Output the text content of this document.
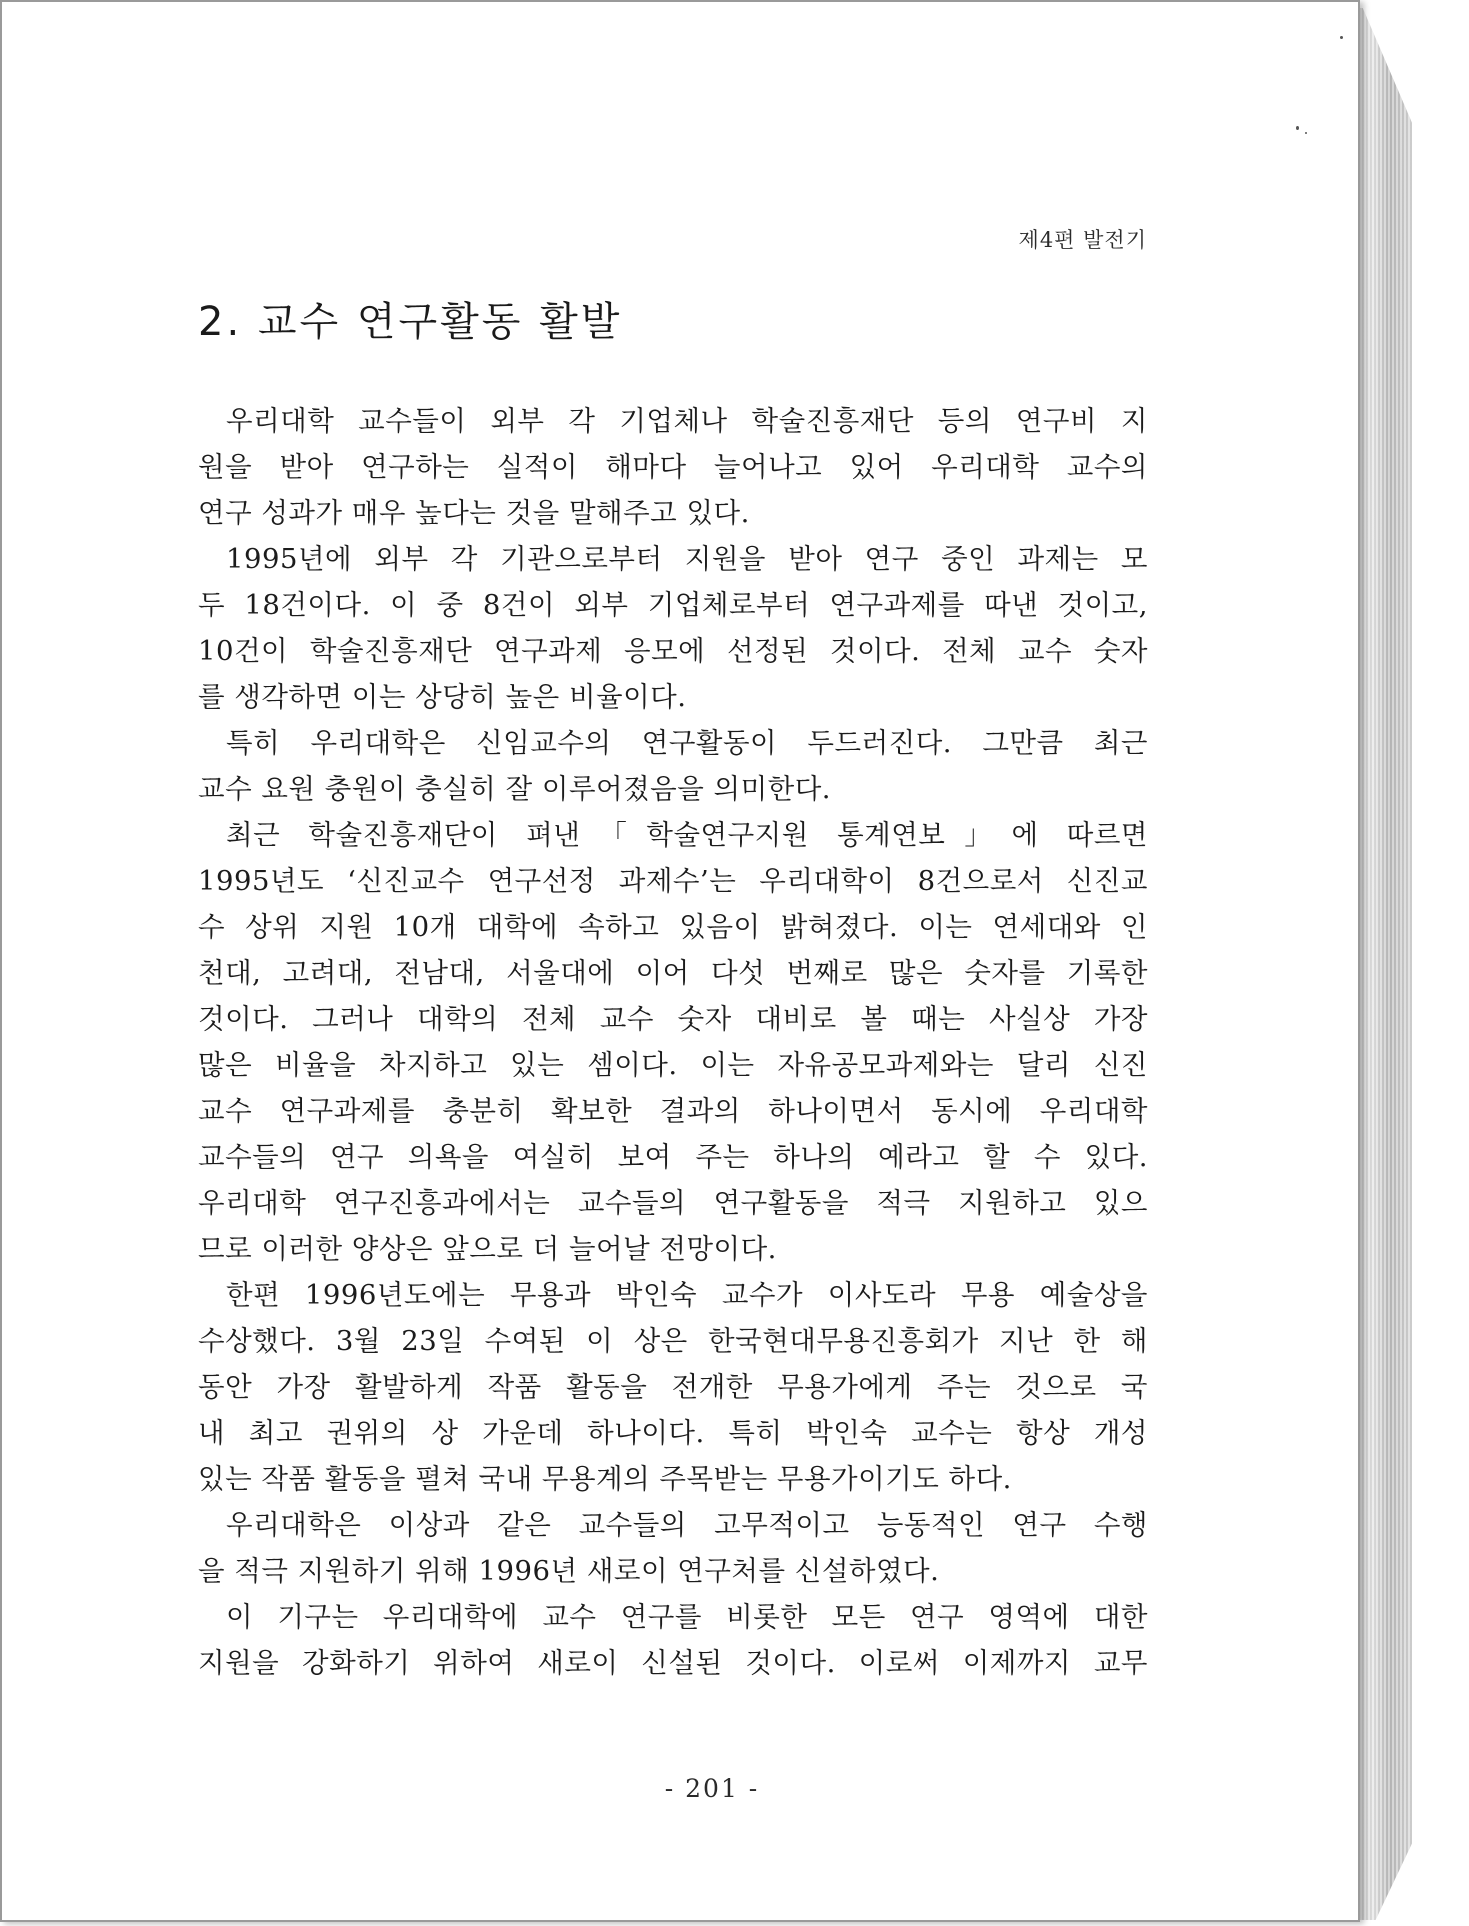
제4편 발전기
2. 교수 연구활동 활발
우리대학 교수들이 외부 각 기업체나 학술진흥재단 등의 연구비 지
원을 받아 연구하는 실적이 해마다 늘어나고 있어 우리대학 교수의
연구 성과가 매우 높다는 것을 말해주고 있다.
1995년에 외부 각 기관으로부터 지원을 받아 연구 중인 과제는 모
두 18건이다. 이 중 8건이 외부 기업체로부터 연구과제를 따낸 것이고,
10건이 학술진흥재단 연구과제 응모에 선정된 것이다. 전체 교수 숫자
를 생각하면 이는 상당히 높은 비율이다.
특히 우리대학은 신임교수의 연구활동이 두드러진다. 그만큼 최근
교수 요원 충원이 충실히 잘 이루어졌음을 의미한다.
최근 학술진흥재단이 펴낸「학술연구지원 통계연보」에 따르면
1995년도 ‘신진교수 연구선정 과제수’는 우리대학이 8건으로서 신진교
수 상위 지원 10개 대학에 속하고 있음이 밝혀졌다. 이는 연세대와 인
천대, 고려대, 전남대, 서울대에 이어 다섯 번째로 많은 숫자를 기록한
것이다. 그러나 대학의 전체 교수 숫자 대비로 볼 때는 사실상 가장
많은 비율을 차지하고 있는 셈이다. 이는 자유공모과제와는 달리 신진
교수 연구과제를 충분히 확보한 결과의 하나이면서 동시에 우리대학
교수들의 연구 의욕을 여실히 보여 주는 하나의 예라고 할 수 있다.
우리대학 연구진흥과에서는 교수들의 연구활동을 적극 지원하고 있으
므로 이러한 양상은 앞으로 더 늘어날 전망이다.
한편 1996년도에는 무용과 박인숙 교수가 이사도라 무용 예술상을
수상했다. 3월 23일 수여된 이 상은 한국현대무용진흥회가 지난 한 해
동안 가장 활발하게 작품 활동을 전개한 무용가에게 주는 것으로 국
내 최고 권위의 상 가운데 하나이다. 특히 박인숙 교수는 항상 개성
있는 작품 활동을 펼쳐 국내 무용계의 주목받는 무용가이기도 하다.
우리대학은 이상과 같은 교수들의 고무적이고 능동적인 연구 수행
을 적극 지원하기 위해 1996년 새로이 연구처를 신설하였다.
이 기구는 우리대학에 교수 연구를 비롯한 모든 연구 영역에 대한
지원을 강화하기 위하여 새로이 신설된 것이다. 이로써 이제까지 교무
- 201 -
